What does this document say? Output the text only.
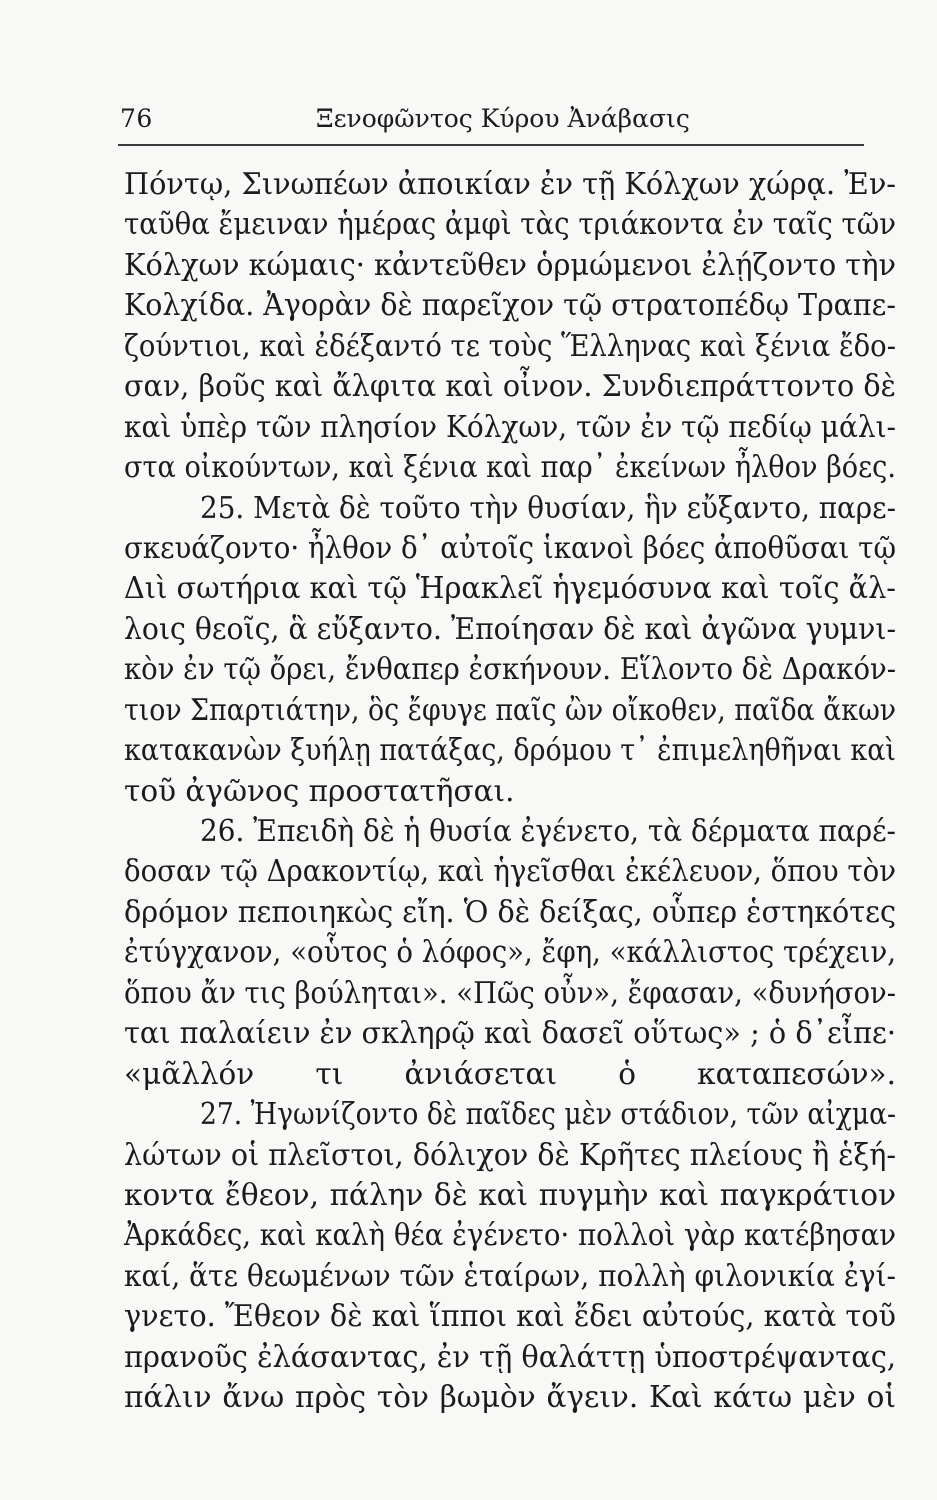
76	Ξενοφῶντος Κύρου Ἀνάβασις
Πόντῳ, Σινωπέων ἀποικίαν ἐν τῇ Κόλχων χώρᾳ. Ἐν-
ταῦθα ἔμειναν ἡμέρας ἀμφὶ τὰς τριάκοντα ἐν ταῖς τῶν
Κόλχων κώμαις· κἀντεῦθεν ὁρμώμενοι ἐλῄζοντο τὴν
Κολχίδα. Ἀγορὰν δὲ παρεῖχον τῷ στρατοπέδῳ Τραπε-
ζούντιοι, καὶ ἐδέξαντό τε τοὺς Ἕλληνας καὶ ξένια ἔδο-
σαν, βοῦς καὶ ἄλφιτα καὶ οἶνον. Συνδιεπράττοντο δὲ
καὶ ὑπὲρ τῶν πλησίον Κόλχων, τῶν ἐν τῷ πεδίῳ μάλι-
στα οἰκούντων, καὶ ξένια καὶ παρ᾽ ἐκείνων ἦλθον βόες.
25. Μετὰ δὲ τοῦτο τὴν θυσίαν, ἣν εὔξαντο, παρε-
σκευάζοντο· ἦλθον δ᾽ αὐτοῖς ἱκανοὶ βόες ἀποθῦσαι τῷ
Διὶ σωτήρια καὶ τῷ Ἡρακλεῖ ἡγεμόσυνα καὶ τοῖς ἄλ-
λοις θεοῖς, ἃ εὔξαντο. Ἐποίησαν δὲ καὶ ἀγῶνα γυμνι-
κὸν ἐν τῷ ὄρει, ἔνθαπερ ἐσκήνουν. Εἵλοντο δὲ Δρακόν-
τιον Σπαρτιάτην, ὃς ἔφυγε παῖς ὢν οἴκοθεν, παῖδα ἄκων
κατακανὼν ξυήλῃ πατάξας, δρόμου τ᾽ ἐπιμεληθῆναι καὶ
τοῦ ἀγῶνος προστατῆσαι.
26. Ἐπειδὴ δὲ ἡ θυσία ἐγένετο, τὰ δέρματα παρέ-
δοσαν τῷ Δρακοντίῳ, καὶ ἡγεῖσθαι ἐκέλευον, ὅπου τὸν
δρόμον πεποιηκὼς εἴη. Ὁ δὲ δείξας, οὗπερ ἑστηκότες
ἐτύγχανον, «οὗτος ὁ λόφος», ἔφη, «κάλλιστος τρέχειν,
ὅπου ἄν τις βούληται». «Πῶς οὖν», ἔφασαν, «δυνήσον-
ται παλαίειν ἐν σκληρῷ καὶ δασεῖ οὕτως» ; ὁ δ᾽εἶπε·
«μᾶλλόν τι ἀνιάσεται ὁ καταπεσών».
27. Ἠγωνίζοντο δὲ παῖδες μὲν στάδιον, τῶν αἰχμα-
λώτων οἱ πλεῖστοι, δόλιχον δὲ Κρῆτες πλείους ἢ ἑξή-
κοντα ἔθεον, πάλην δὲ καὶ πυγμὴν καὶ παγκράτιον
Ἀρκάδες, καὶ καλὴ θέα ἐγένετο· πολλοὶ γὰρ κατέβησαν
καί, ἅτε θεωμένων τῶν ἑταίρων, πολλὴ φιλονικία ἐγί-
γνετο. Ἔθεον δὲ καὶ ἵπποι καὶ ἔδει αὐτούς, κατὰ τοῦ
πρανοῦς ἐλάσαντας, ἐν τῇ θαλάττῃ ὑποστρέψαντας,
πάλιν ἄνω πρὸς τὸν βωμὸν ἄγειν. Καὶ κάτω μὲν οἱ
